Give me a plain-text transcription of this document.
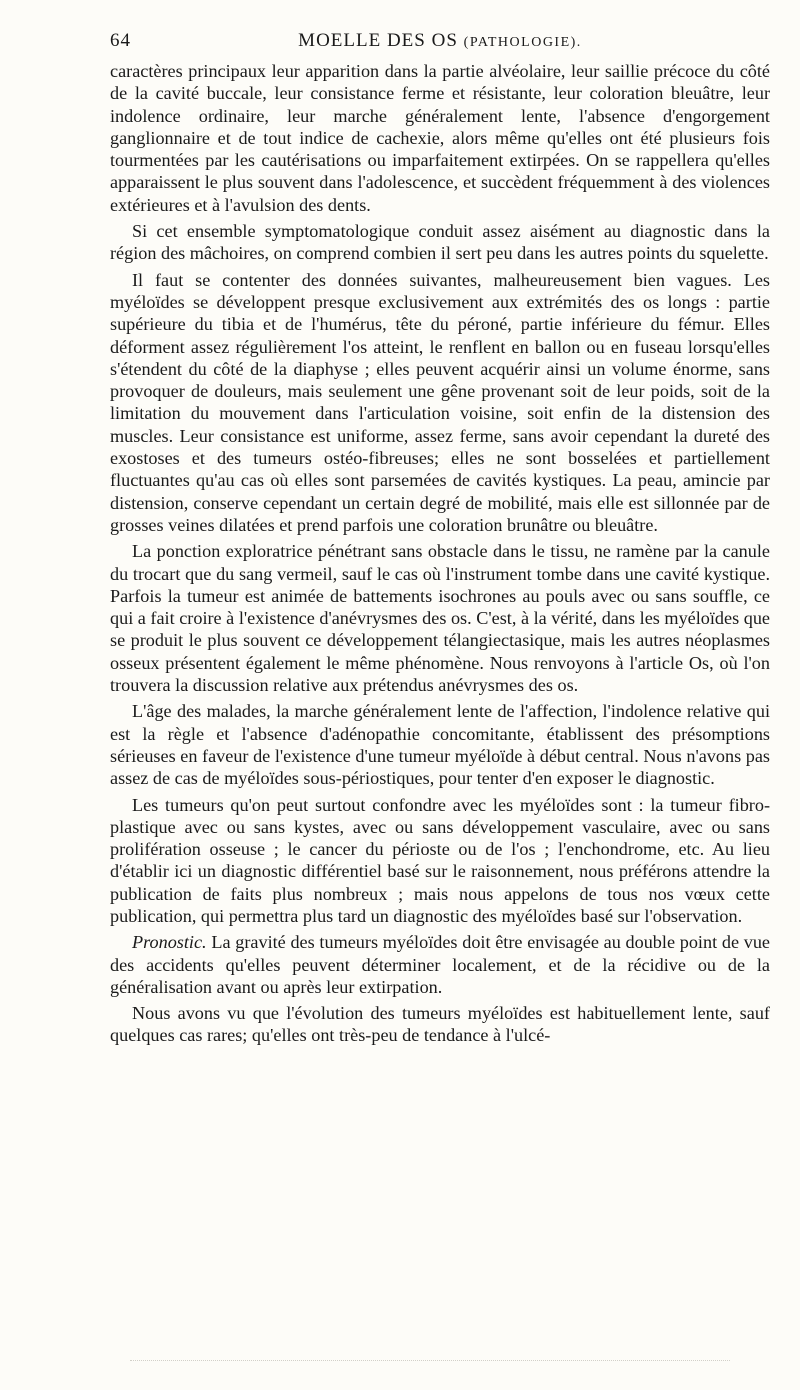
64	MOELLE DES OS (PATHOLOGIE).

caractères principaux leur apparition dans la partie alvéolaire, leur saillie précoce du côté de la cavité buccale, leur consistance ferme et résistante, leur coloration bleuâtre, leur indolence ordinaire, leur marche généralement lente, l'absence d'engorgement ganglionnaire et de tout indice de cachexie, alors même qu'elles ont été plusieurs fois tourmentées par les cautérisations ou imparfaitement extirpées. On se rappellera qu'elles apparaissent le plus souvent dans l'adolescence, et succèdent fréquemment à des violences extérieures et à l'avulsion des dents.

Si cet ensemble symptomatologique conduit assez aisément au diagnostic dans la région des mâchoires, on comprend combien il sert peu dans les autres points du squelette.

Il faut se contenter des données suivantes, malheureusement bien vagues. Les myéloïdes se développent presque exclusivement aux extrémités des os longs : partie supérieure du tibia et de l'humérus, tête du péroné, partie inférieure du fémur. Elles déforment assez régulièrement l'os atteint, le renflent en ballon ou en fuseau lorsqu'elles s'étendent du côté de la diaphyse ; elles peuvent acquérir ainsi un volume énorme, sans provoquer de douleurs, mais seulement une gêne provenant soit de leur poids, soit de la limitation du mouvement dans l'articulation voisine, soit enfin de la distension des muscles. Leur consistance est uniforme, assez ferme, sans avoir cependant la dureté des exostoses et des tumeurs ostéo-fibreuses; elles ne sont bosselées et partiellement fluctuantes qu'au cas où elles sont parsemées de cavités kystiques. La peau, amincie par distension, conserve cependant un certain degré de mobilité, mais elle est sillonnée par de grosses veines dilatées et prend parfois une coloration brunâtre ou bleuâtre.

La ponction exploratrice pénétrant sans obstacle dans le tissu, ne ramène par la canule du trocart que du sang vermeil, sauf le cas où l'instrument tombe dans une cavité kystique. Parfois la tumeur est animée de battements isochrones au pouls avec ou sans souffle, ce qui a fait croire à l'existence d'anévrysmes des os. C'est, à la vérité, dans les myéloïdes que se produit le plus souvent ce développement télangiectasique, mais les autres néoplasmes osseux présentent également le même phénomène. Nous renvoyons à l'article Os, où l'on trouvera la discussion relative aux prétendus anévrysmes des os.

L'âge des malades, la marche généralement lente de l'affection, l'indolence relative qui est la règle et l'absence d'adénopathie concomitante, établissent des présomptions sérieuses en faveur de l'existence d'une tumeur myéloïde à début central. Nous n'avons pas assez de cas de myéloïdes sous-périostiques, pour tenter d'en exposer le diagnostic.

Les tumeurs qu'on peut surtout confondre avec les myéloïdes sont : la tumeur fibro-plastique avec ou sans kystes, avec ou sans développement vasculaire, avec ou sans prolifération osseuse ; le cancer du périoste ou de l'os ; l'enchondrome, etc. Au lieu d'établir ici un diagnostic différentiel basé sur le raisonnement, nous préférons attendre la publication de faits plus nombreux ; mais nous appelons de tous nos vœux cette publication, qui permettra plus tard un diagnostic des myéloïdes basé sur l'observation.

Pronostic. La gravité des tumeurs myéloïdes doit être envisagée au double point de vue des accidents qu'elles peuvent déterminer localement, et de la récidive ou de la généralisation avant ou après leur extirpation.

Nous avons vu que l'évolution des tumeurs myéloïdes est habituellement lente, sauf quelques cas rares; qu'elles ont très-peu de tendance à l'ulcé-
